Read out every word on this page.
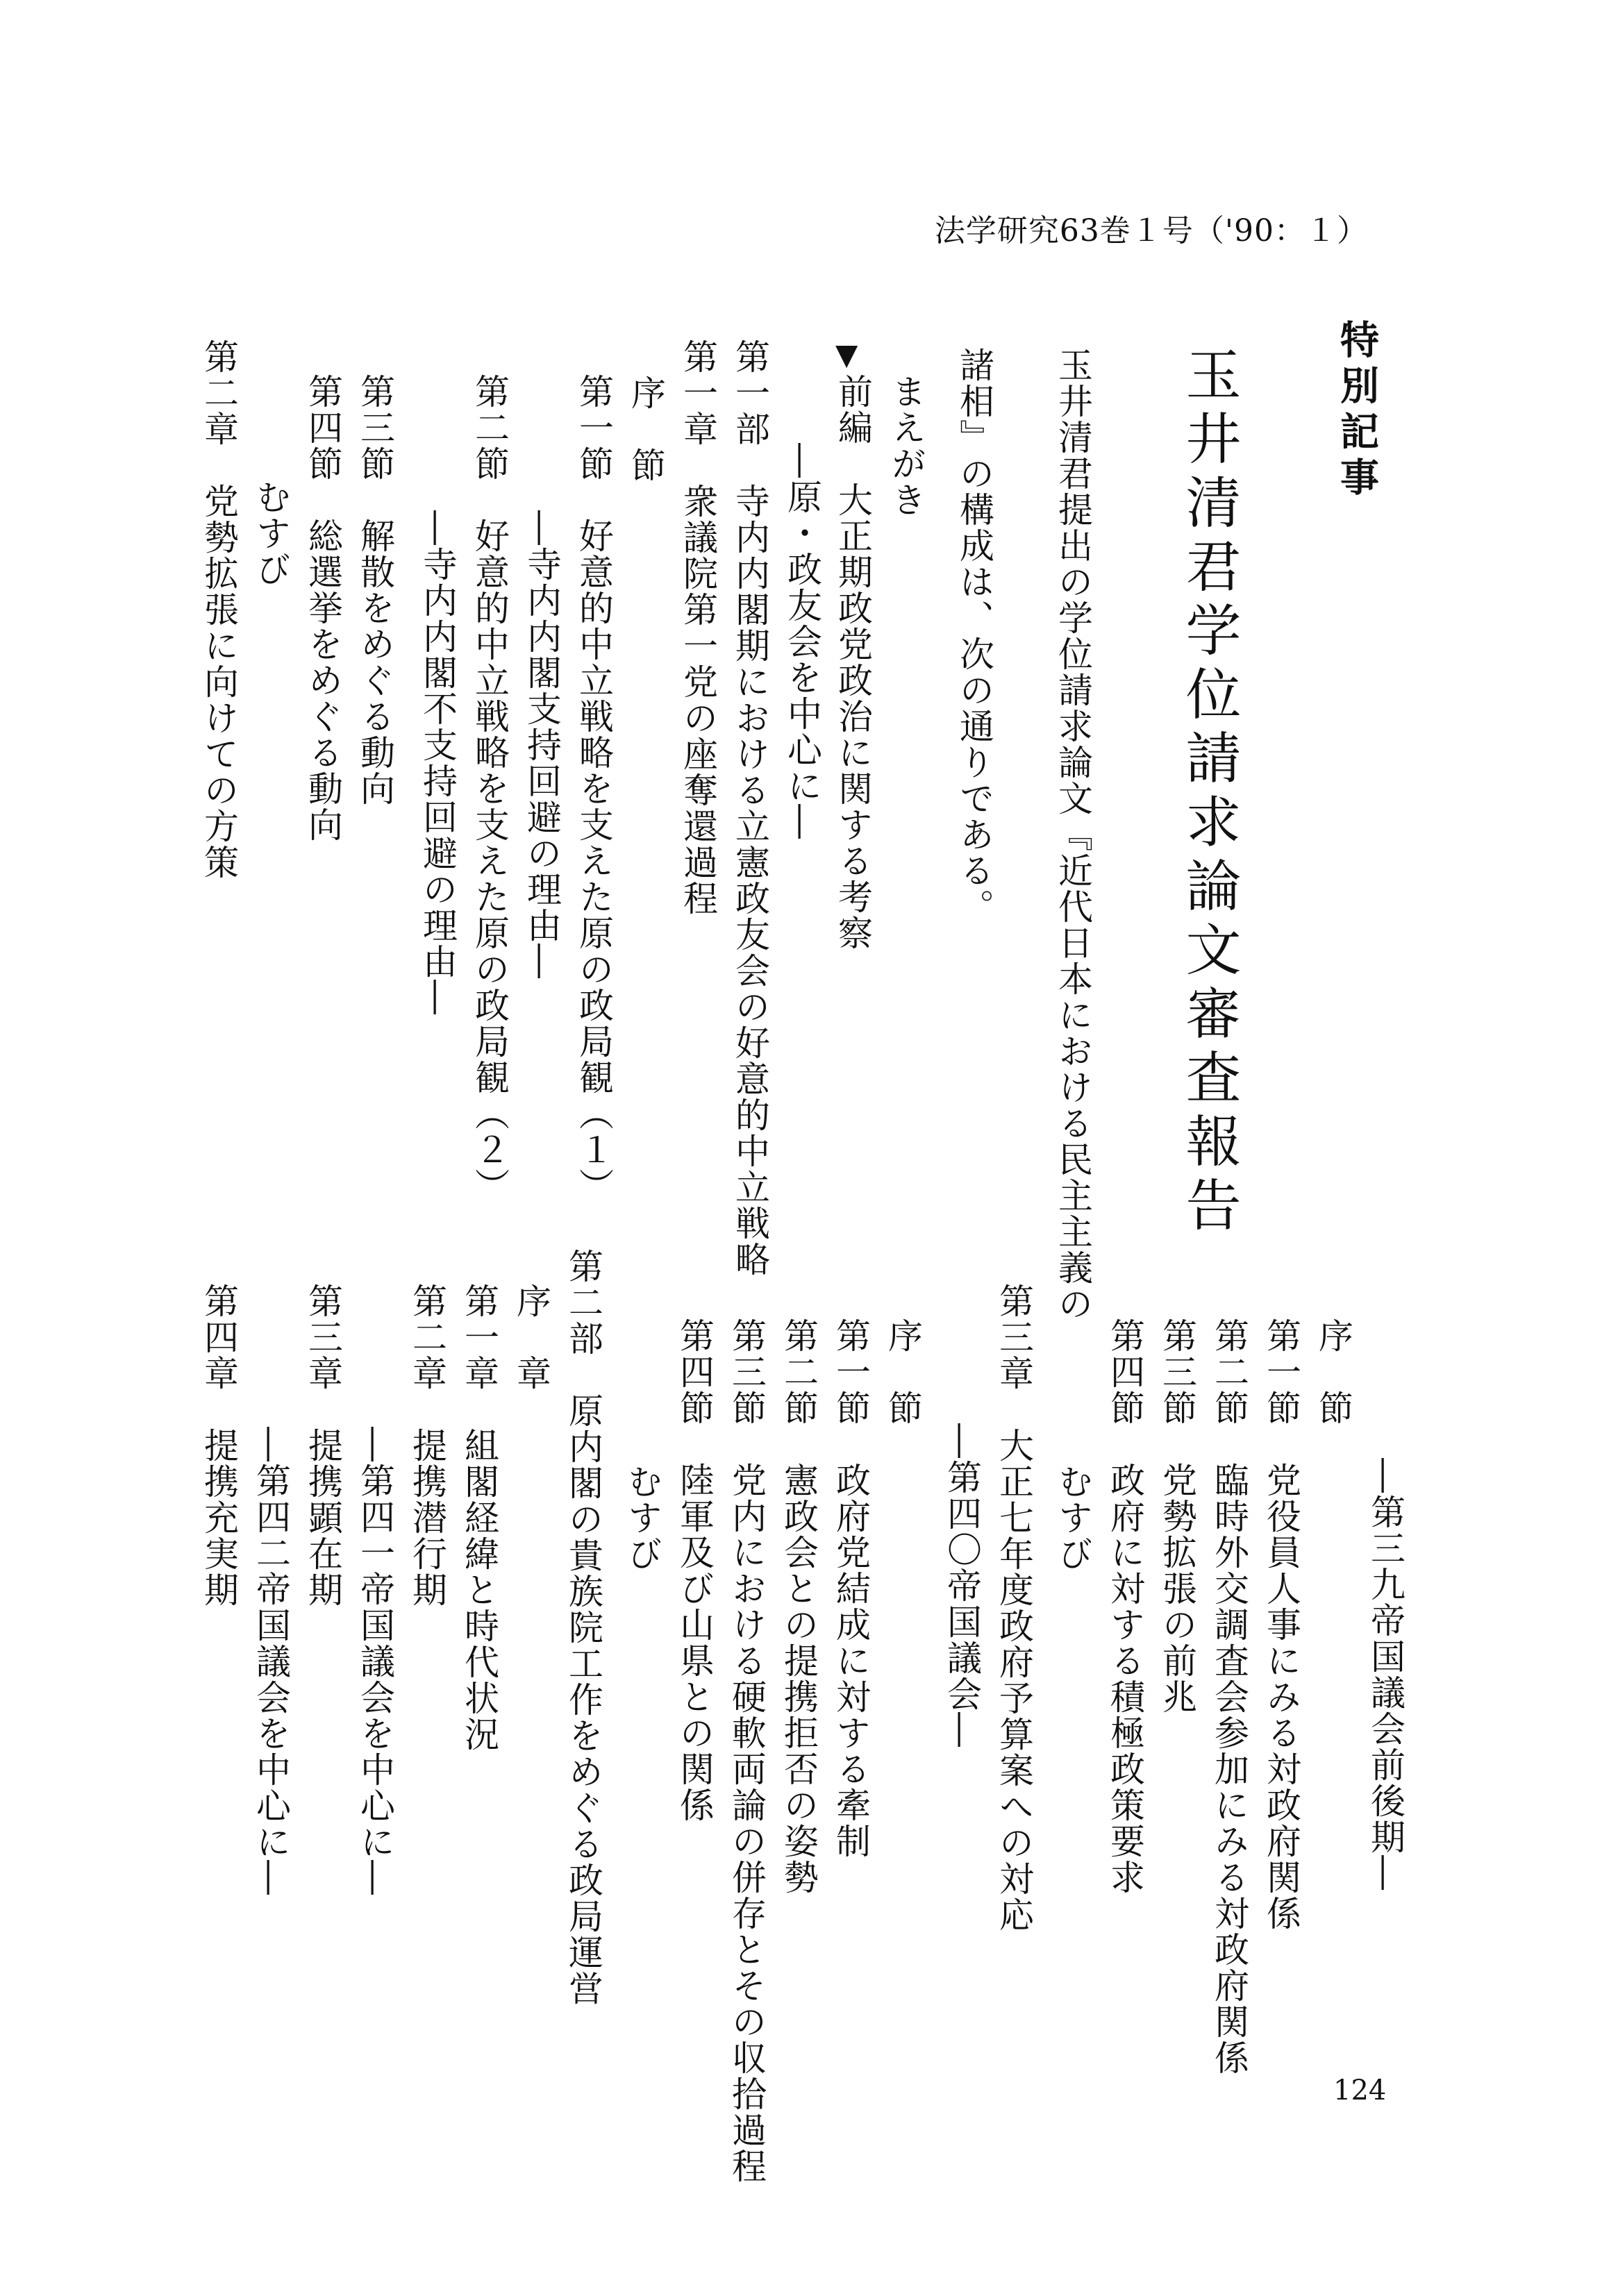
法学研究63巻１号（'90：１）
特別記事
玉井清君学位請求論文審査報告
玉井清君提出の学位請求論文『近代日本における民主主義の
諸相』の構成は、次の通りである。
まえがき
▼
前編　大正期政党政治に関する考察
―原・政友会を中心に―
第一部　寺内内閣期における立憲政友会の好意的中立戦略
第一章　衆議院第一党の座奪還過程
序　節
第一節　好意的中立戦略を支えた原の政局観（１）
―寺内内閣支持回避の理由―
第二節　好意的中立戦略を支えた原の政局観（２）
―寺内内閣不支持回避の理由―
第三節　解散をめぐる動向
第四節　総選挙をめぐる動向
むすび
第二章　党勢拡張に向けての方策
―第三九帝国議会前後期―
序　節
第一節　党役員人事にみる対政府関係
第二節　臨時外交調査会参加にみる対政府関係
第三節　党勢拡張の前兆
第四節　政府に対する積極政策要求
むすび
第三章　大正七年度政府予算案への対応
―第四〇帝国議会―
序　節
第一節　政府党結成に対する牽制
第二節　憲政会との提携拒否の姿勢
第三節　党内における硬軟両論の併存とその収拾過程
第四節　陸軍及び山県との関係
むすび
第二部　原内閣の貴族院工作をめぐる政局運営
序　章
第一章　組閣経緯と時代状況
第二章　提携潜行期
―第四一帝国議会を中心に―
第三章　提携顕在期
―第四二帝国議会を中心に―
第四章　提携充実期
124
